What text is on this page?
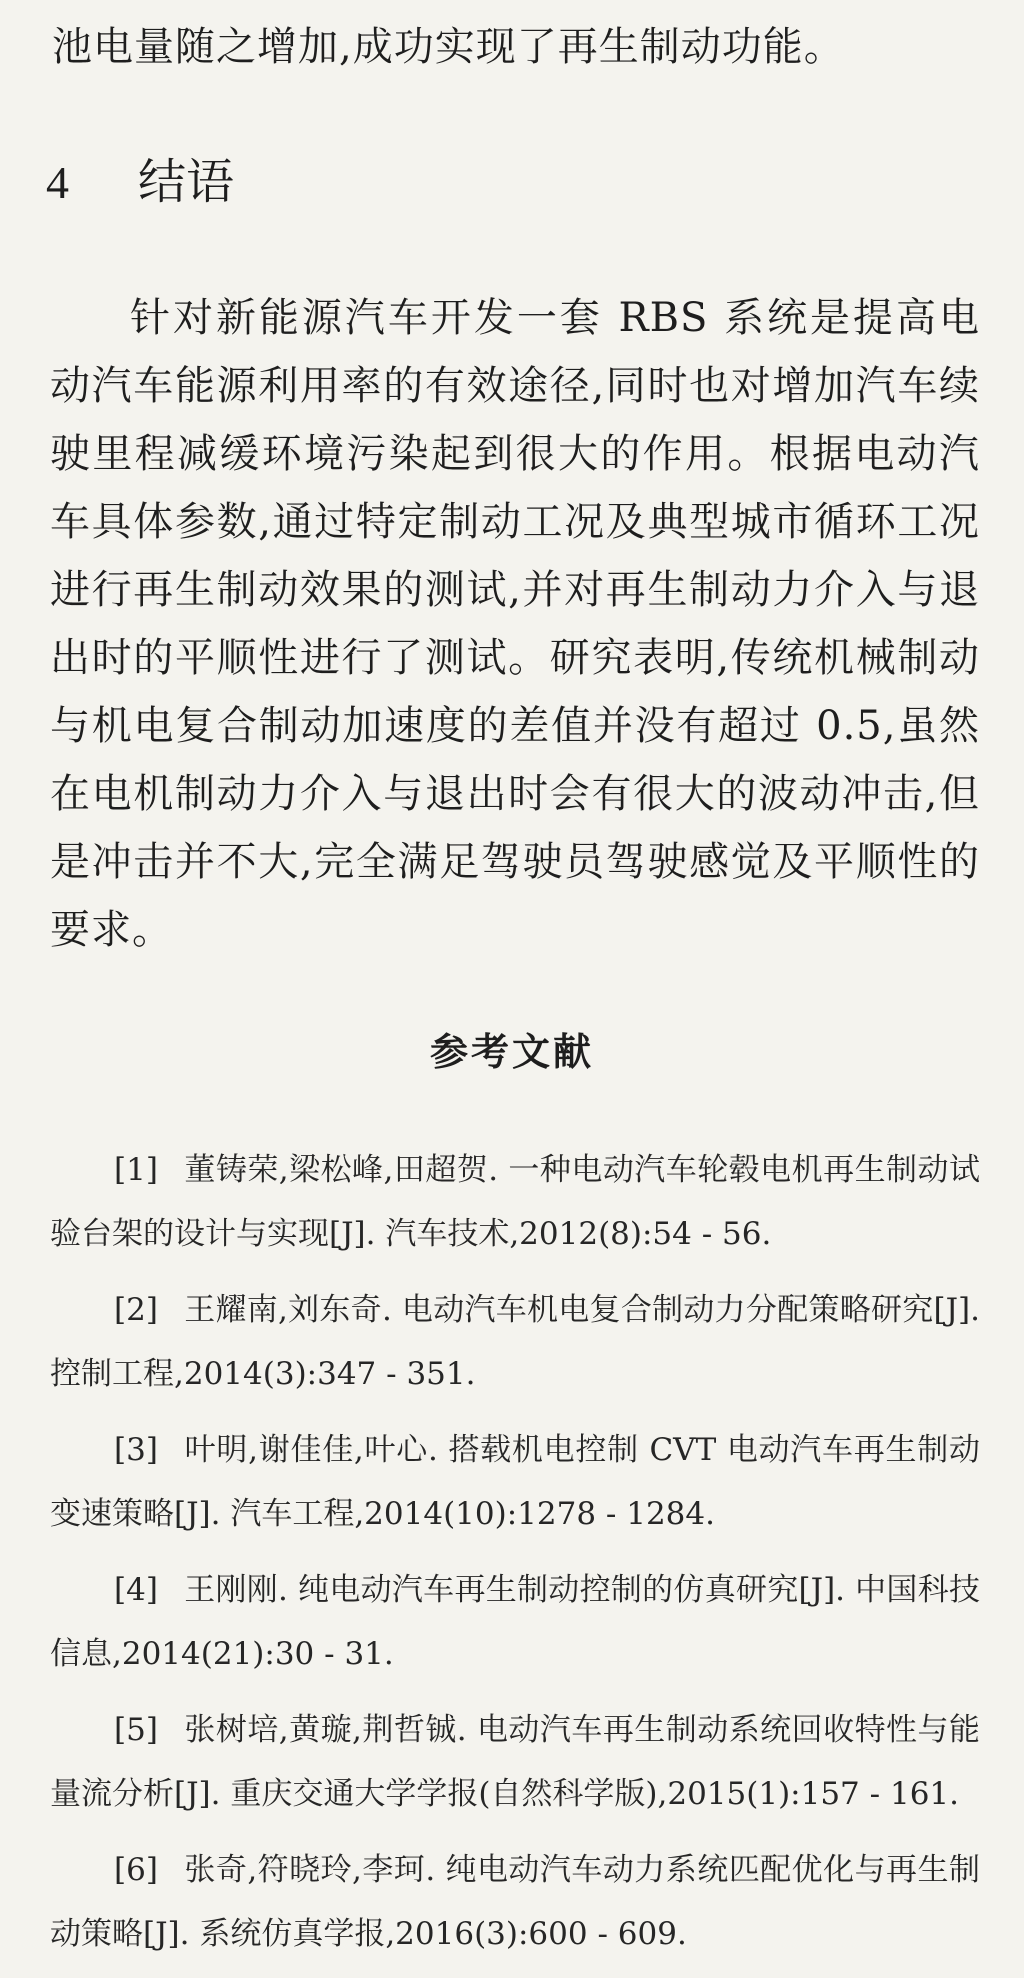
池电量随之增加,成功实现了再生制动功能。
4 结语

针对新能源汽车开发一套 RBS 系统是提高电动汽车能源利用率的有效途径,同时也对增加汽车续驶里程减缓环境污染起到很大的作用。根据电动汽车具体参数,通过特定制动工况及典型城市循环工况进行再生制动效果的测试,并对再生制动力介入与退出时的平顺性进行了测试。研究表明,传统机械制动与机电复合制动加速度的差值并没有超过 0.5,虽然在电机制动力介入与退出时会有很大的波动冲击,但是冲击并不大,完全满足驾驶员驾驶感觉及平顺性的要求。

参考文献

[1] 董铸荣,梁松峰,田超贺. 一种电动汽车轮毂电机再生制动试验台架的设计与实现[J]. 汽车技术,2012(8):54 - 56.

[2] 王耀南,刘东奇. 电动汽车机电复合制动力分配策略研究[J]. 控制工程,2014(3):347 - 351.

[3] 叶明,谢佳佳,叶心. 搭载机电控制 CVT 电动汽车再生制动变速策略[J]. 汽车工程,2014(10):1278 - 1284.

[4] 王刚刚. 纯电动汽车再生制动控制的仿真研究[J]. 中国科技信息,2014(21):30 - 31.

[5] 张树培,黄璇,荆哲铖. 电动汽车再生制动系统回收特性与能量流分析[J]. 重庆交通大学学报(自然科学版),2015(1):157 - 161.

[6] 张奇,符晓玲,李珂. 纯电动汽车动力系统匹配优化与再生制动策略[J]. 系统仿真学报,2016(3):600 - 609.
